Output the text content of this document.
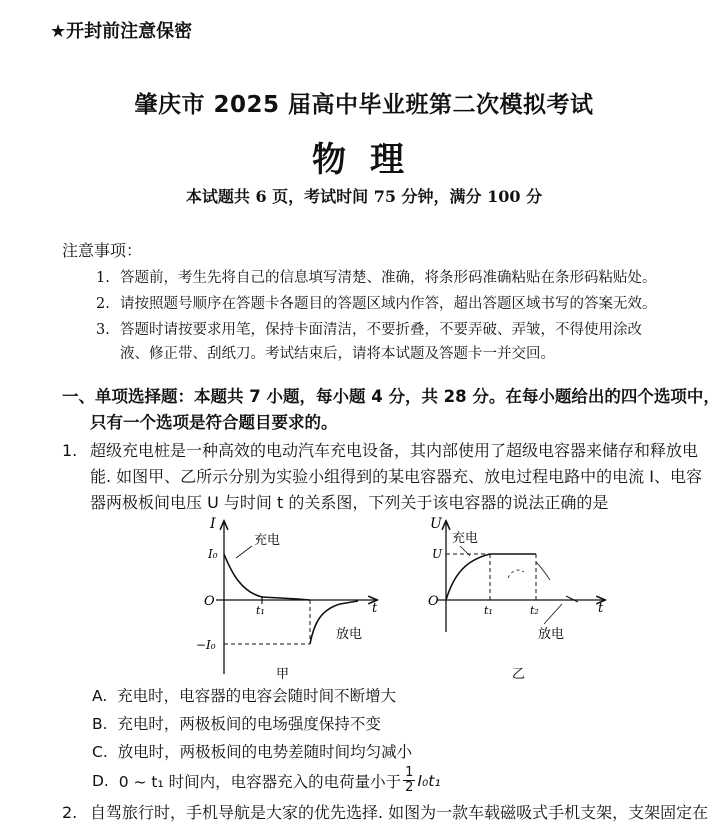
★开封前注意保密
肇庆市 2025 届高中毕业班第二次模拟考试
物理
本试题共 6 页，考试时间 75 分钟，满分 100 分
注意事项：
1. 答题前，考生先将自己的信息填写清楚、准确，将条形码准确粘贴在条形码粘贴处。
2. 请按照题号顺序在答题卡各题目的答题区域内作答，超出答题区域书写的答案无效。
3. 答题时请按要求用笔，保持卡面清洁，不要折叠，不要弄破、弄皱，不得使用涂改
液、修正带、刮纸刀。考试结束后，请将本试题及答题卡一并交回。
一、单项选择题：本题共 7 小题，每小题 4 分，共 28 分。在每小题给出的四个选项中，
只有一个选项是符合题目要求的。
1. 超级充电桩是一种高效的电动汽车充电设备，其内部使用了超级电容器来储存和释放电
能. 如图甲、乙所示分别为实验小组得到的某电容器充、放电过程电路中的电流 I、电容
器两极板间电压 U 与时间 t 的关系图，下列关于该电容器的说法正确的是
I
I₀
O
−I₀
t₁	t
充电
放电
甲
U
U
O
t₁	t₂	t
充电
放电
乙
A. 充电时，电容器的电容会随时间不断增大
B. 充电时，两极板间的电场强度保持不变
C. 放电时，两极板间的电势差随时间均匀减小
D.
0 ~ t₁ 时间内，电容器充入的电荷量小于 $\frac{1}{2} I_0t_1$
2. 自驾旅行时，手机导航是大家的优先选择. 如图为一款车载磁吸式手机支架，支架固定在
